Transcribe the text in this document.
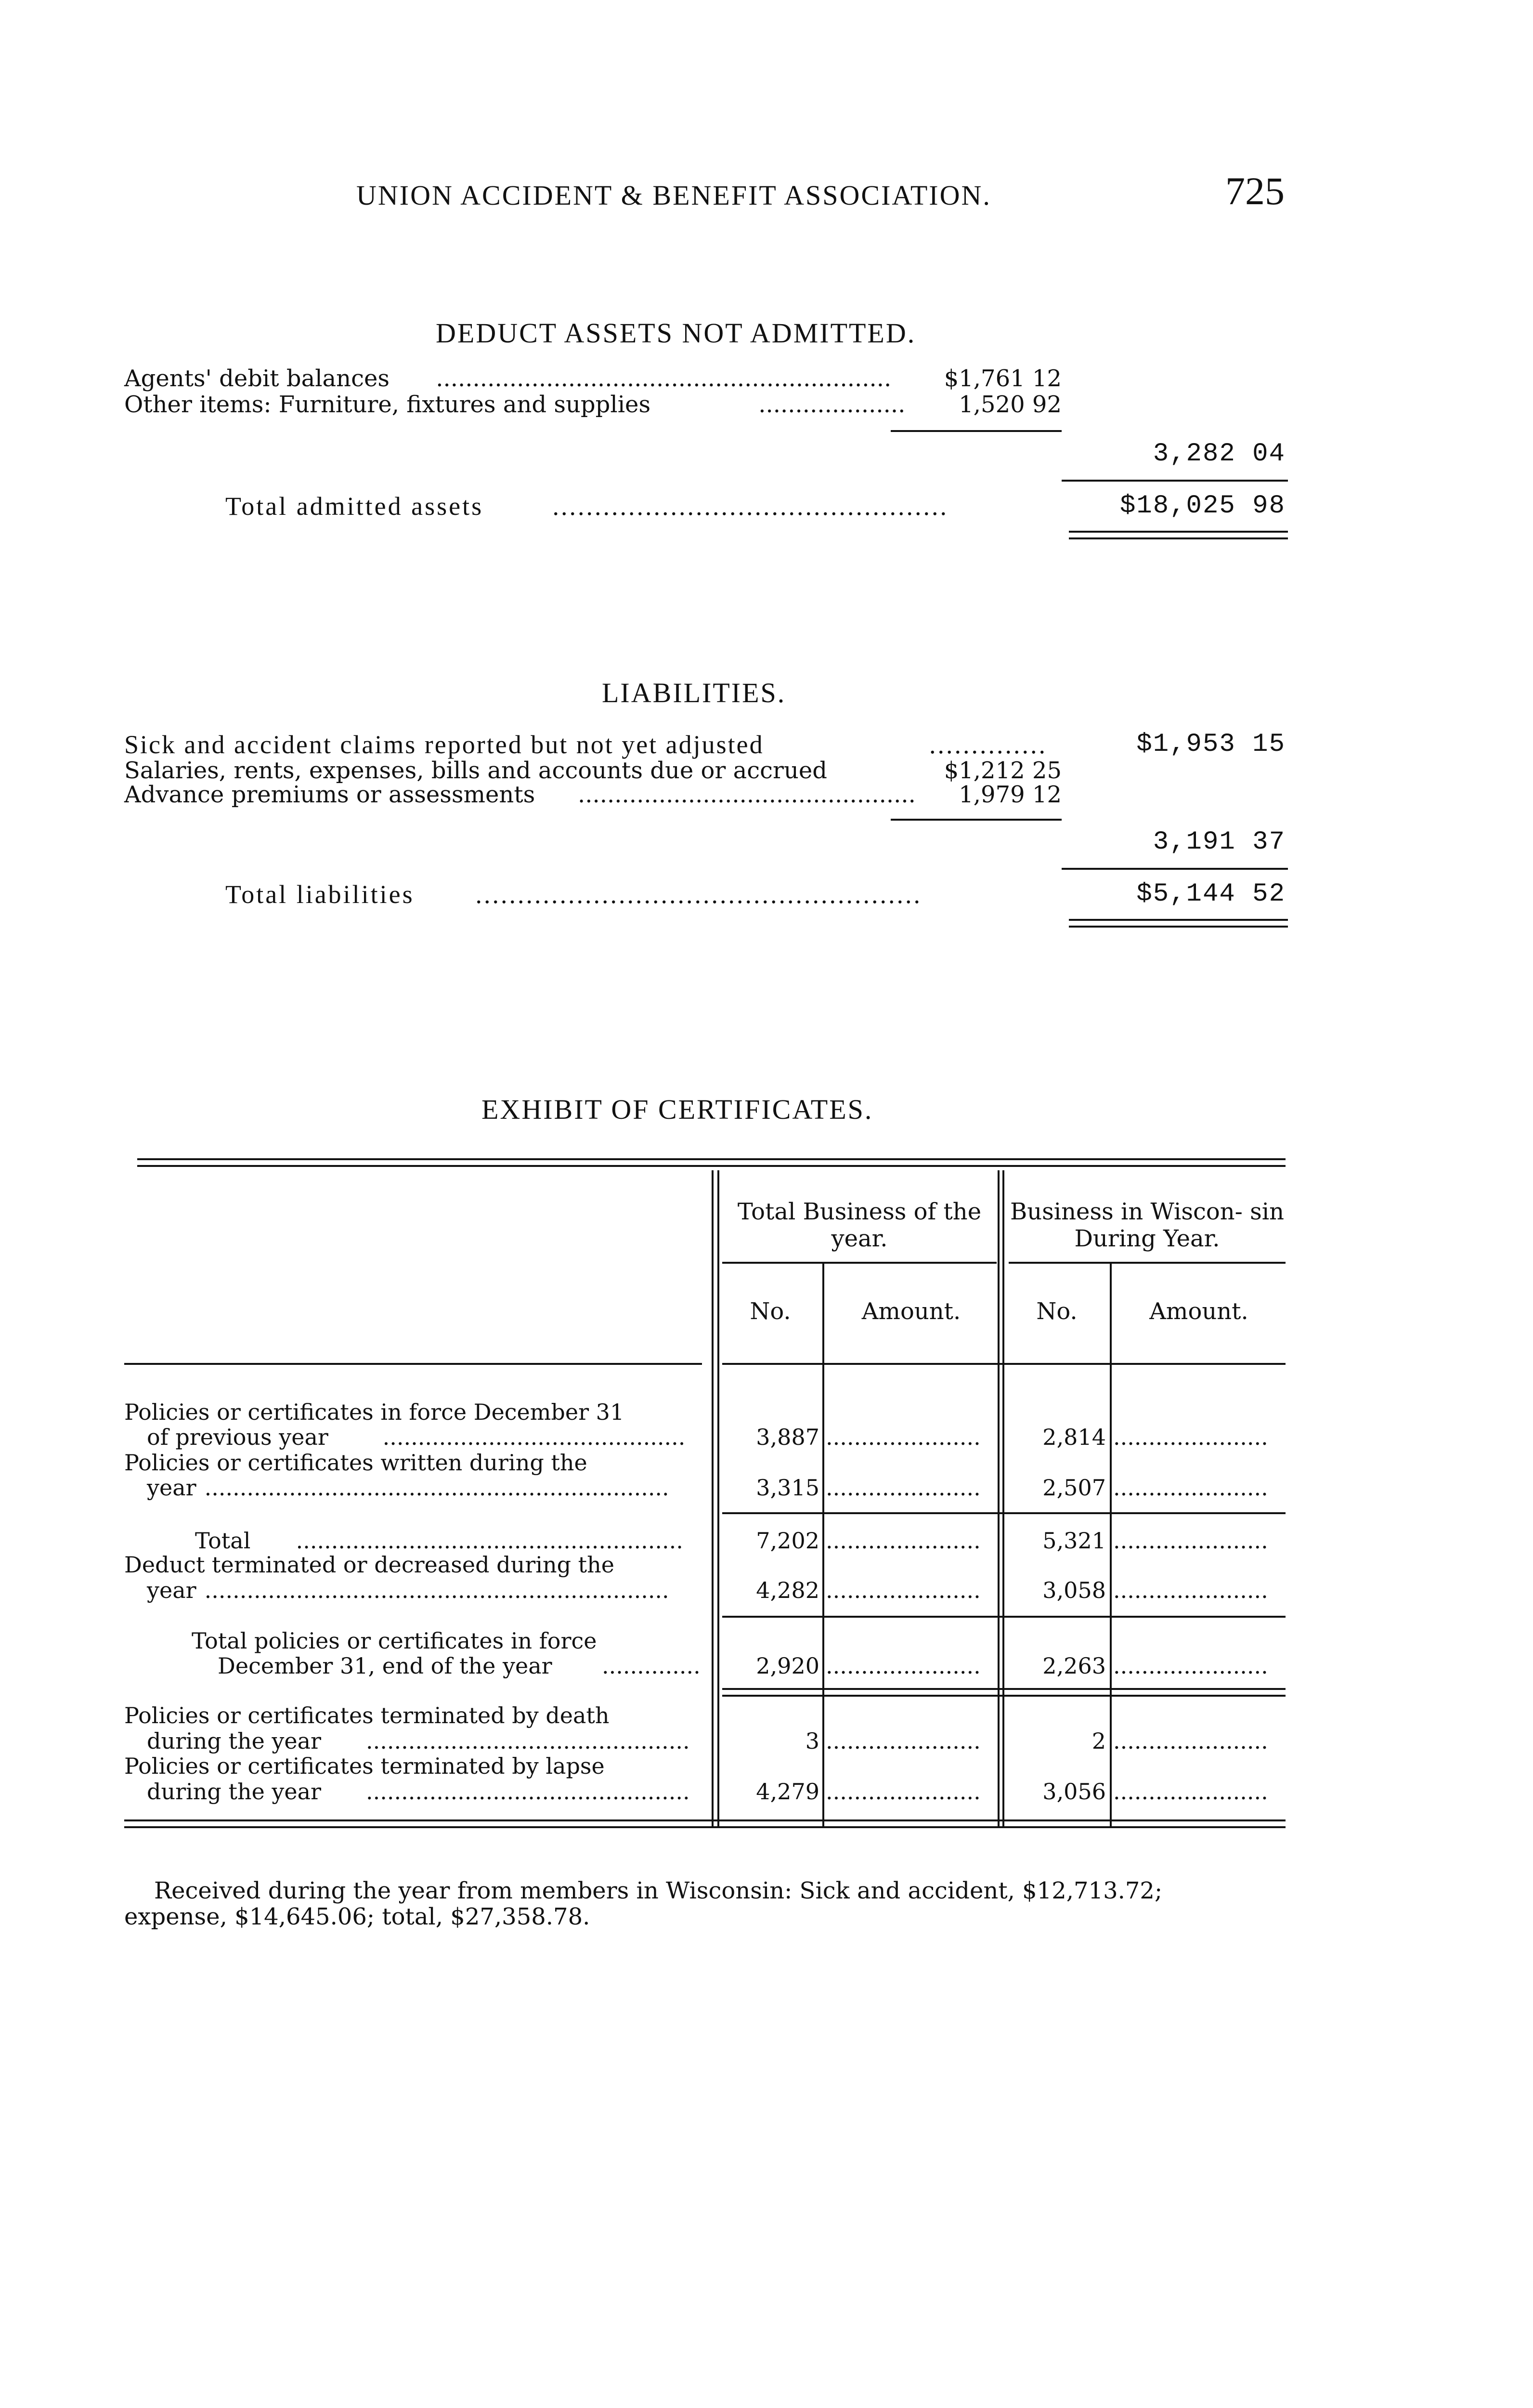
UNION ACCIDENT & BENEFIT ASSOCIATION.	725
DEDUCT ASSETS NOT ADMITTED.
Agents' debit balances ..............................................................	$1,761 12
Other items: Furniture, fixtures and supplies	....................	1,520 92
3,282 04
Total admitted assets ...............................................	$18,025 98
LIABILITIES.
Sick and accident claims reported but not yet adjusted	..............	$1,953 15
Salaries, rents, expenses, bills and accounts due or accrued	$1,212 25
Advance premiums or assessments ..............................................	1,979 12
3,191 37
Total liabilities .....................................................	$5,144 52
EXHIBIT OF CERTIFICATES.
Total Business of the year.
Business in Wiscon- sin During Year.
No.	Amount.	No.	Amount.
Policies or certificates in force December 31
of previous year ...........................................	3,887 ......................	2,814 ......................
Policies or certificates written during the
year ..................................................................	3,315 ......................	2,507 ......................
Total .......................................................	7,202 ......................	5,321 ......................
Deduct terminated or decreased during the
year ..................................................................	4,282 ......................	3,058 ......................
Total policies or certificates in force
December 31, end of the year ..............	2,920 ......................	2,263 ......................
Policies or certificates terminated by death
during the year ..............................................	3 ......................	2 ......................
Policies or certificates terminated by lapse
during the year ..............................................	4,279 ......................	3,056 ......................
Received during the year from members in Wisconsin: Sick and accident, $12,713.72;
expense, $14,645.06; total, $27,358.78.
